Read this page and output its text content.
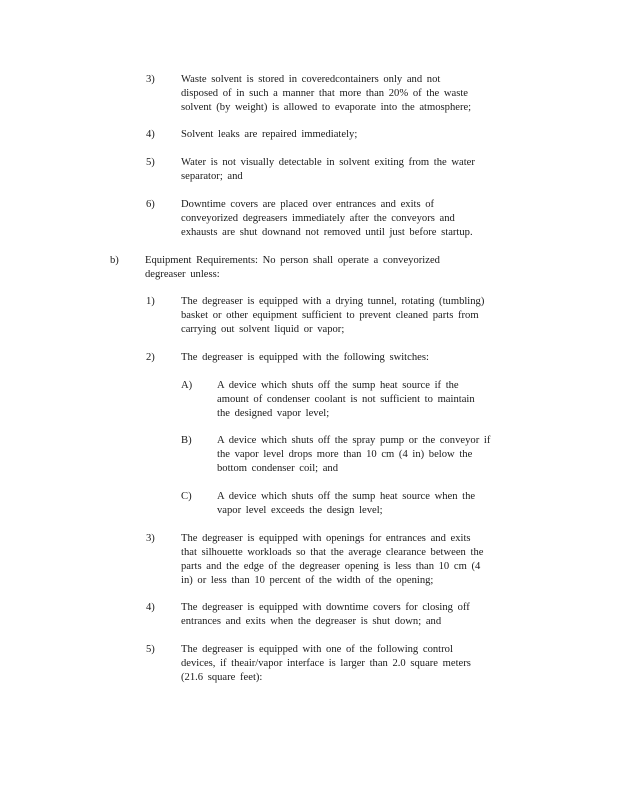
3) Waste solvent is stored in coveredcontainers only and not

disposed of in such a manner that more than 20% of the waste

solvent (by weight) is allowed to evaporate into the atmosphere;

4) Solvent leaks are repaired immediately;

5) Water is not visually detectable in solvent exiting from the water

separator; and

6) Downtime covers are placed over entrances and exits of

conveyorized degreasers immediately after the conveyors and

exhausts are shut downand not removed until just before startup.

b) Equipment Requirements: No person shall operate a conveyorized

degreaser unless:

1) The degreaser is equipped with a drying tunnel, rotating (tumbling)

basket or other equipment sufficient to prevent cleaned parts from

carrying out solvent liquid or vapor;

2) The degreaser is equipped with the following switches:

A) A device which shuts off the sump heat source if the

amount of condenser coolant is not sufficient to maintain

the designed vapor level;

B) A device which shuts off the spray pump or the conveyor if

the vapor level drops more than 10 cm (4 in) below the

bottom condenser coil; and

C) A device which shuts off the sump heat source when the

vapor level exceeds the design level;

3) The degreaser is equipped with openings for entrances and exits

that silhouette workloads so that the average clearance between the

parts and the edge of the degreaser opening is less than 10 cm (4

in) or less than 10 percent of the width of the opening;

4) The degreaser is equipped with downtime covers for closing off

entrances and exits when the degreaser is shut down; and

5) The degreaser is equipped with one of the following control

devices, if theair/vapor interface is larger than 2.0 square meters

(21.6 square feet):
